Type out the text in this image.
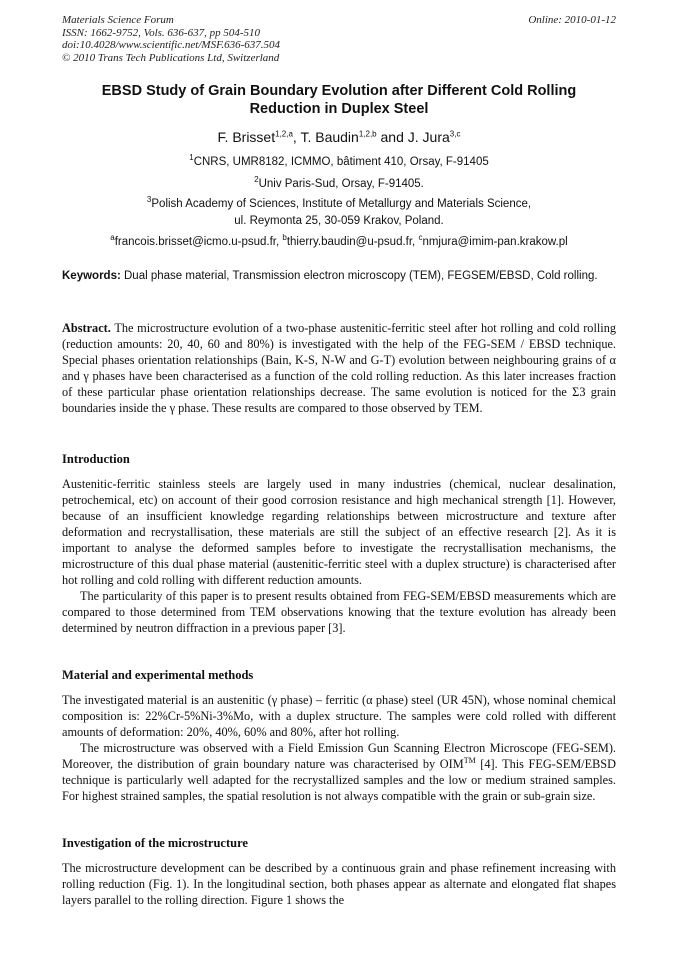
Materials Science Forum
ISSN: 1662-9752, Vols. 636-637, pp 504-510
doi:10.4028/www.scientific.net/MSF.636-637.504
© 2010 Trans Tech Publications Ltd, Switzerland
Online: 2010-01-12
EBSD Study of Grain Boundary Evolution after Different Cold Rolling
Reduction in Duplex Steel
F. Brisset$^{1,2,a}$, T. Baudin$^{1,2,b}$ and J. Jura$^{3,c}$
$^1$CNRS, UMR8182, ICMMO, bâtiment 410, Orsay, F-91405
$^2$Univ Paris-Sud, Orsay, F-91405.
$^3$Polish Academy of Sciences, Institute of Metallurgy and Materials Science,
ul. Reymonta 25, 30-059 Krakov, Poland.
$^a$francois.brisset@icmo.u-psud.fr, $^b$thierry.baudin@u-psud.fr, $^c$nmjura@imim-pan.krakow.pl
Keywords: Dual phase material, Transmission electron microscopy (TEM), FEGSEM/EBSD, Cold rolling.

Abstract. The microstructure evolution of a two-phase austenitic-ferritic steel after hot rolling and cold rolling (reduction amounts: 20, 40, 60 and 80%) is investigated with the help of the FEG-SEM / EBSD technique. Special phases orientation relationships (Bain, K-S, N-W and G-T) evolution between neighbouring grains of α and γ phases have been characterised as a function of the cold rolling reduction. As this later increases fraction of these particular phase orientation relationships decrease. The same evolution is noticed for the Σ3 grain boundaries inside the γ phase. These results are compared to those observed by TEM.

Introduction

Austenitic-ferritic stainless steels are largely used in many industries (chemical, nuclear desalination, petrochemical, etc) on account of their good corrosion resistance and high mechanical strength [1]. However, because of an insufficient knowledge regarding relationships between microstructure and texture after deformation and recrystallisation, these materials are still the subject of an effective research [2]. As it is important to analyse the deformed samples before to investigate the recrystallisation mechanisms, the microstructure of this dual phase material (austenitic-ferritic steel with a duplex structure) is characterised after hot rolling and cold rolling with different reduction amounts.

The particularity of this paper is to present results obtained from FEG-SEM/EBSD measurements which are compared to those determined from TEM observations knowing that the texture evolution has already been determined by neutron diffraction in a previous paper [3].

Material and experimental methods

The investigated material is an austenitic (γ phase) – ferritic (α phase) steel (UR 45N), whose nominal chemical composition is: 22%Cr-5%Ni-3%Mo, with a duplex structure. The samples were cold rolled with different amounts of deformation: 20%, 40%, 60% and 80%, after hot rolling.

The microstructure was observed with a Field Emission Gun Scanning Electron Microscope (FEG-SEM). Moreover, the distribution of grain boundary nature was characterised by OIM™ [4]. This FEG-SEM/EBSD technique is particularly well adapted for the recrystallized samples and the low or medium strained samples. For highest strained samples, the spatial resolution is not always compatible with the grain or sub-grain size.

Investigation of the microstructure

The microstructure development can be described by a continuous grain and phase refinement increasing with rolling reduction (Fig. 1). In the longitudinal section, both phases appear as alternate and elongated flat shapes layers parallel to the rolling direction. Figure 1 shows the
